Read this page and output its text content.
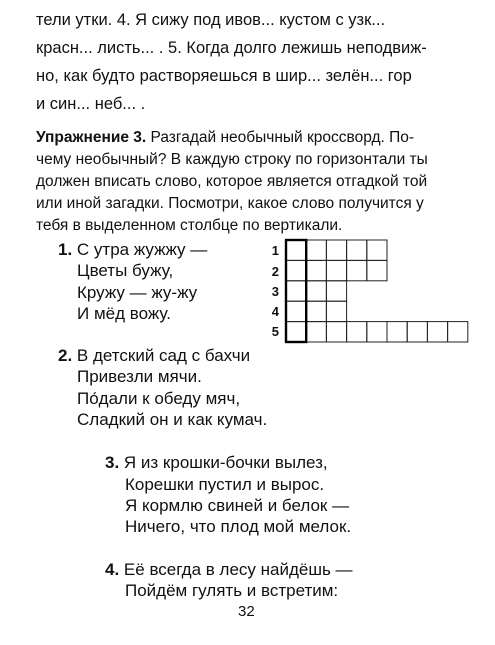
тели утки. 4. Я сижу под ивов... кустом с узк...
красн... листь... . 5. Когда долго лежишь неподвиж-
но, как будто растворяешься в шир... зелён... гор
и син... неб... .
Упражнение 3. Разгадай необычный кроссворд. По-
чему необычный? В каждую строку по горизонтали ты
должен вписать слово, которое является отгадкой той
или иной загадки. Посмотри, какое слово получится у
тебя в выделенном столбце по вертикали.
1
2
3
4
5
1. С утра жужжу —
Цветы бужу,
Кружу — жу-жу
И мёд вожу.
2. В детский сад с бахчи
Привезли мячи.
По́дали к обеду мяч,
Сладкий он и как кумач.
3. Я из крошки-бочки вылез,
Корешки пустил и вырос.
Я кормлю свиней и белок —
Ничего, что плод мой мелок.
4. Её всегда в лесу найдёшь —
Пойдём гулять и встретим:
32
